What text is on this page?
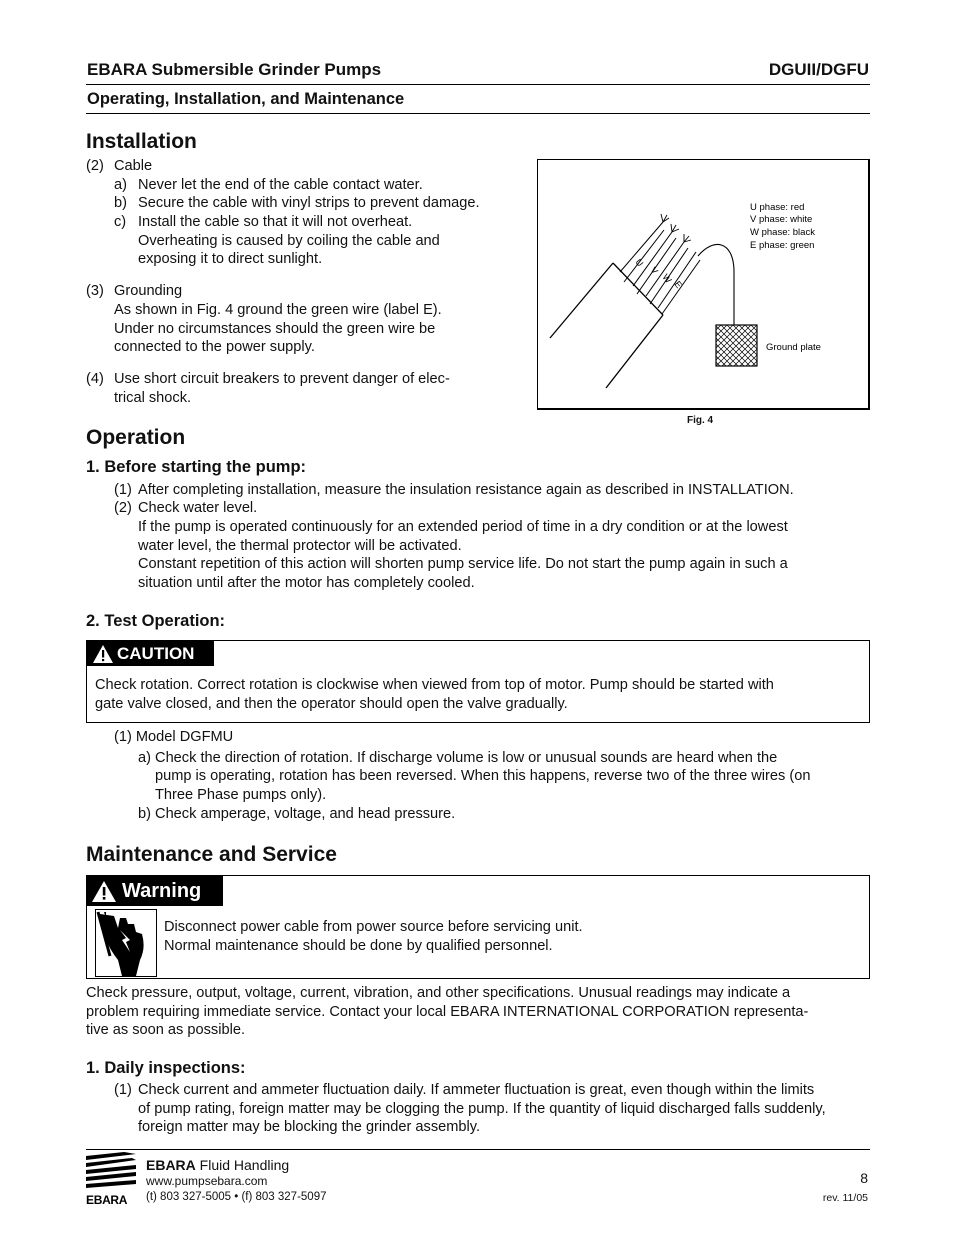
EBARA Submersible Grinder Pumps	DGUII/DGFU
Operating, Installation, and Maintenance
Installation
(2) Cable
a) Never let the end of the cable contact water.
b) Secure the cable with vinyl strips to prevent damage.
c) Install the cable so that it will not overheat.
Overheating is caused by coiling the cable and
exposing it to direct sunlight.
(3) Grounding
As shown in Fig. 4 ground the green wire (label E).
Under no circumstances should the green wire be
connected to the power supply.
(4) Use short circuit breakers to prevent danger of elec-
trical shock.
U
V
W
E
Ground plate
U phase: red
V phase: white
W phase: black
E phase: green
Fig. 4
Operation
1. Before starting the pump:
(1) After completing installation, measure the insulation resistance again as described in INSTALLATION.
(2) Check water level.
If the pump is operated continuously for an extended period of time in a dry condition or at the lowest
water level, the thermal protector will be activated.
Constant repetition of this action will shorten pump service life. Do not start the pump again in such a
situation until after the motor has completely cooled.
2. Test Operation:
CAUTION
Check rotation. Correct rotation is clockwise when viewed from top of motor. Pump should be started with
gate valve closed, and then the operator should open the valve gradually.
(1) Model DGFMU
a) Check the direction of rotation. If discharge volume is low or unusual sounds are heard when the
pump is operating, rotation has been reversed. When this happens, reverse two of the three wires (on
Three Phase pumps only).
b) Check amperage, voltage, and head pressure.
Maintenance and Service
Warning
Disconnect power cable from power source before servicing unit.
Normal maintenance should be done by qualified personnel.
Check pressure, output, voltage, current, vibration, and other specifications. Unusual readings may indicate a
problem requiring immediate service. Contact your local EBARA INTERNATIONAL CORPORATION representa-
tive as soon as possible.
1. Daily inspections:
(1) Check current and ammeter fluctuation daily. If ammeter fluctuation is great, even though within the limits
of pump rating, foreign matter may be clogging the pump. If the quantity of liquid discharged falls suddenly,
foreign matter may be blocking the grinder assembly.
EBARA
EBARA Fluid Handling
www.pumpsebara.com
(t) 803 327-5005 • (f) 803 327-5097
8
rev. 11/05
